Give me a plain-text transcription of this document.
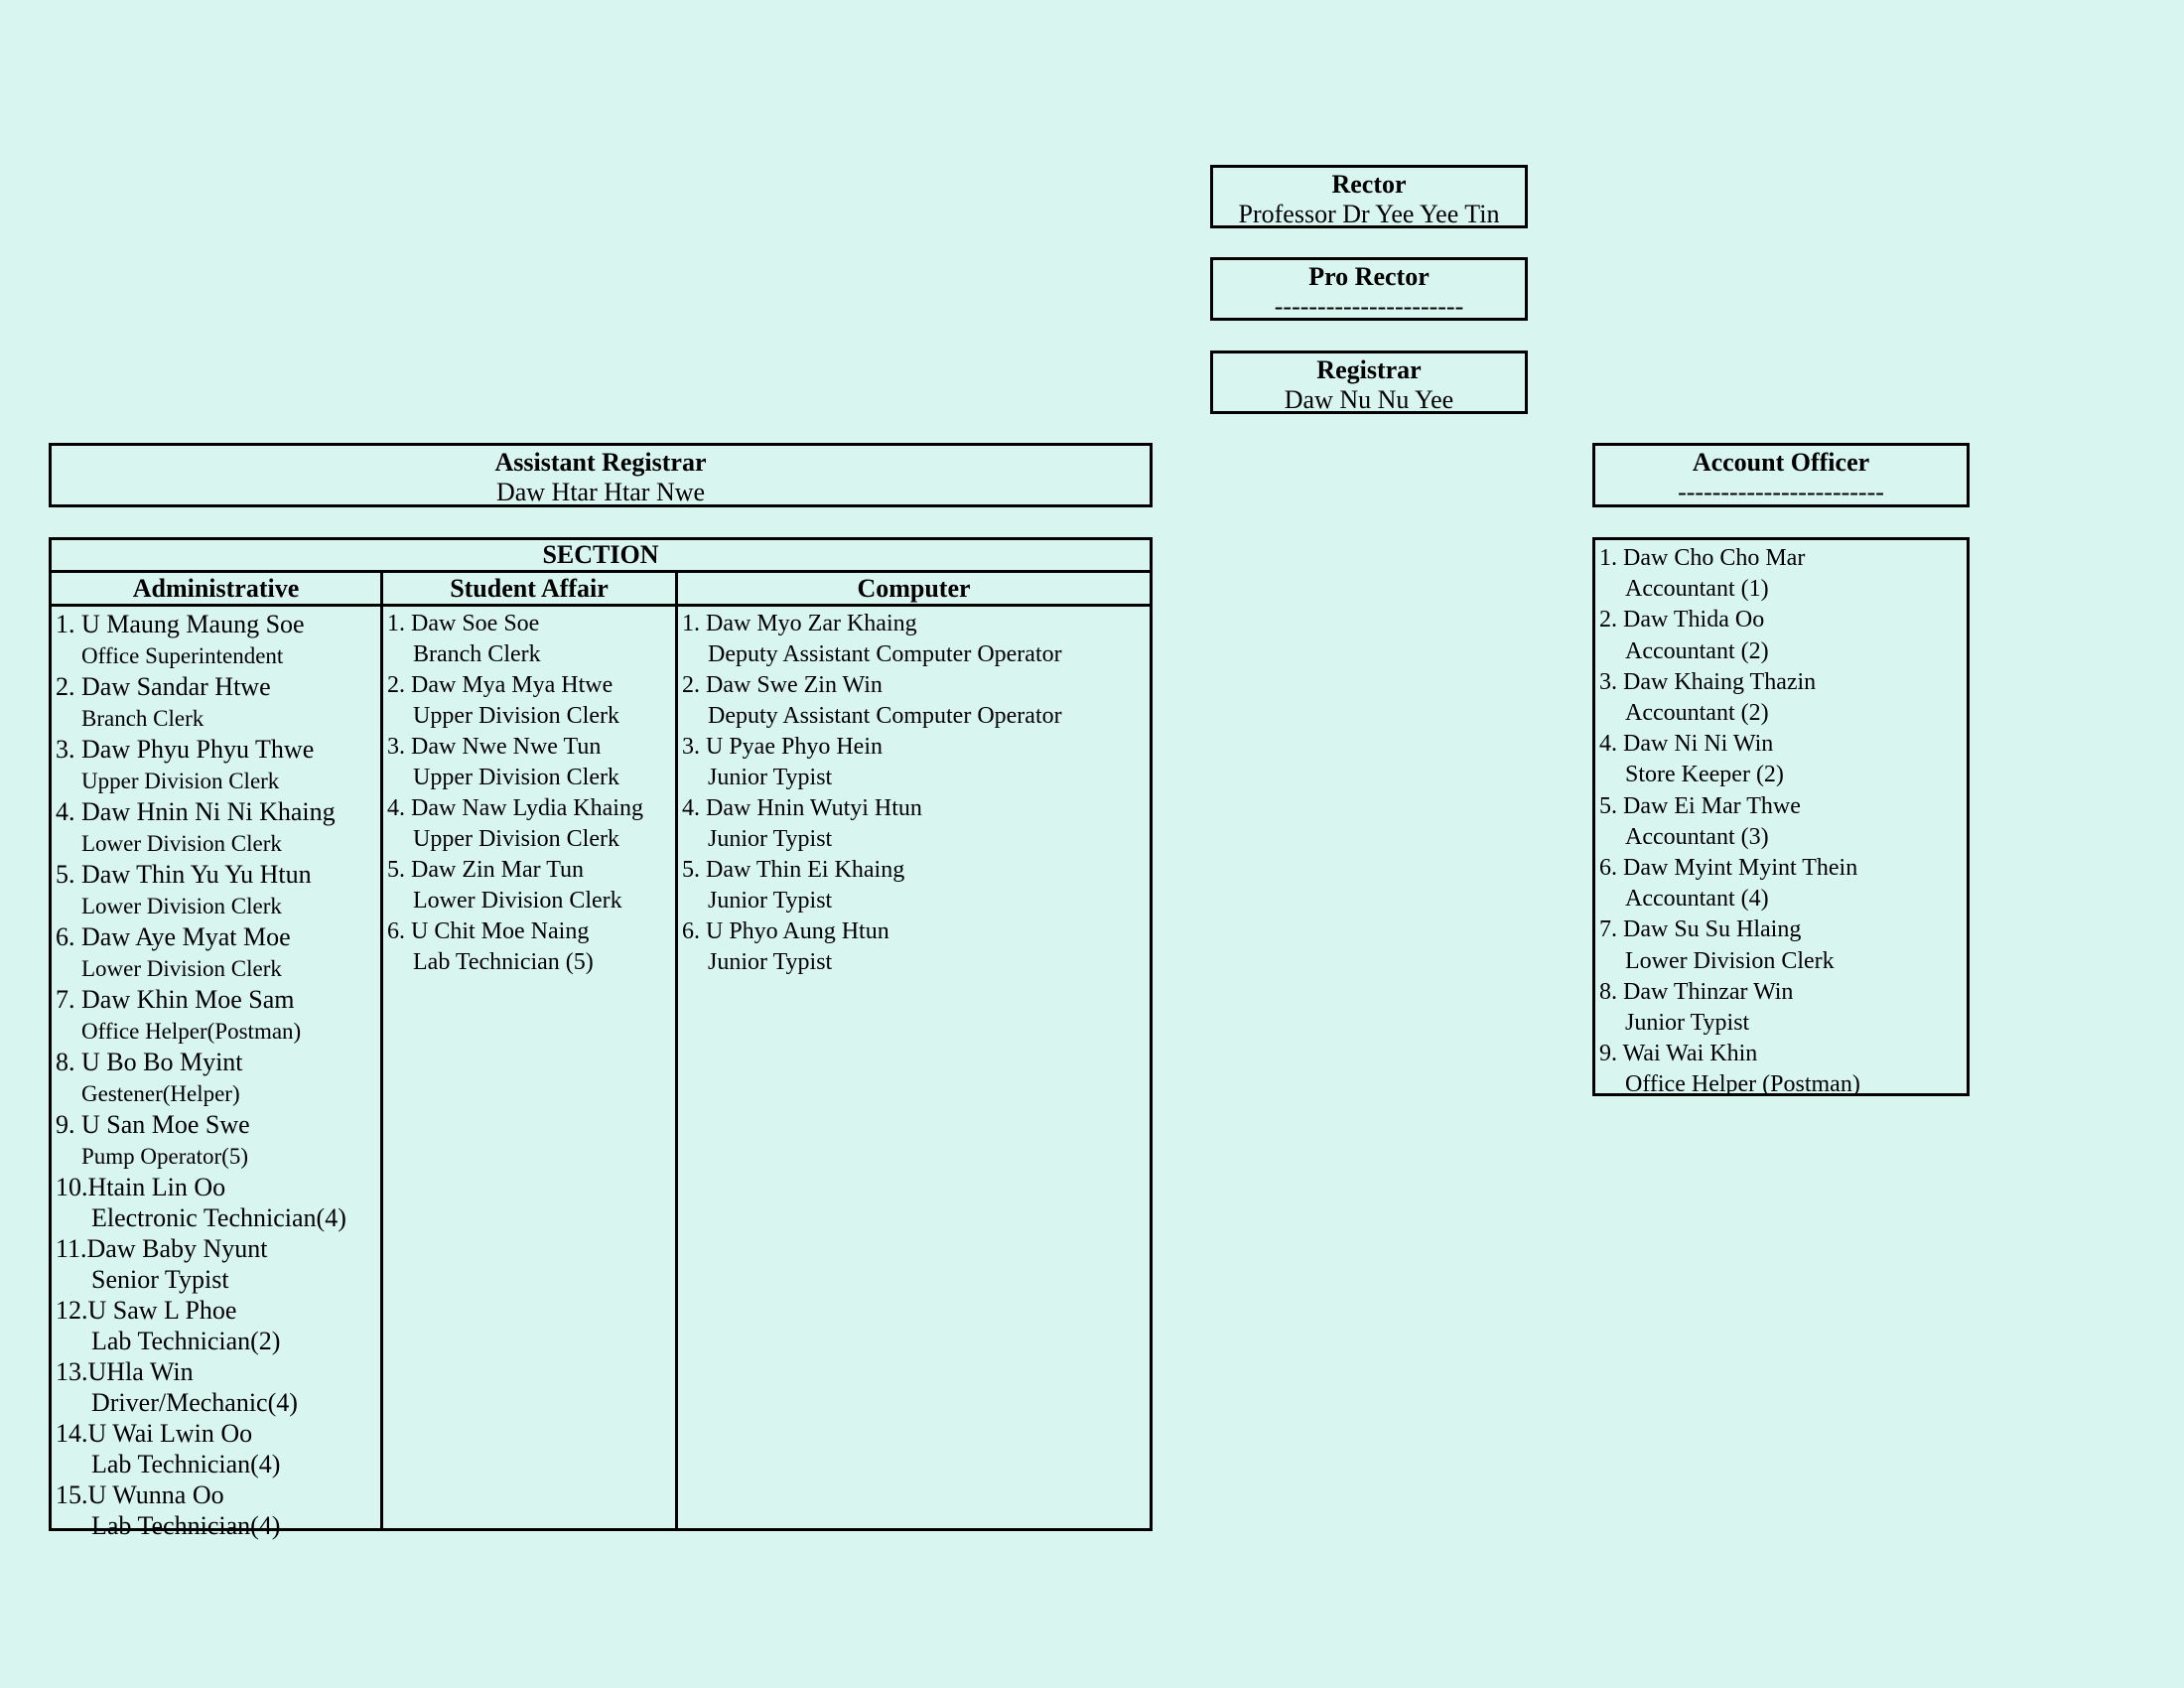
Rector
Professor Dr Yee Yee Tin
Pro Rector
----------------------
Registrar
Daw Nu Nu Yee
Assistant Registrar
Daw Htar Htar Nwe
Account Officer
------------------------
SECTION
Administrative	Student Affair	Computer
1. U Maung Maung Soe
Office Superintendent
2. Daw Sandar Htwe
Branch Clerk
3. Daw Phyu Phyu Thwe
Upper Division Clerk
4. Daw Hnin Ni Ni Khaing
Lower Division Clerk
5. Daw Thin Yu Yu Htun
Lower Division Clerk
6. Daw Aye Myat Moe
Lower Division Clerk
7. Daw Khin Moe Sam
Office Helper(Postman)
8. U Bo Bo Myint
Gestener(Helper)
9. U San Moe Swe
Pump Operator(5)
10.Htain Lin Oo
Electronic Technician(4)
11.Daw Baby Nyunt
Senior Typist
12.U Saw L Phoe
Lab Technician(2)
13.UHla Win
Driver/Mechanic(4)
14.U Wai Lwin Oo
Lab Technician(4)
15.U Wunna Oo
Lab Technician(4)
1. Daw Soe Soe
Branch Clerk
2. Daw Mya Mya Htwe
Upper Division Clerk
3. Daw Nwe Nwe Tun
Upper Division Clerk
4. Daw Naw Lydia Khaing
Upper Division Clerk
5. Daw Zin Mar Tun
Lower Division Clerk
6. U Chit Moe Naing
Lab Technician (5)
1. Daw Myo Zar Khaing
Deputy Assistant Computer Operator
2. Daw Swe Zin Win
Deputy Assistant Computer Operator
3. U Pyae Phyo Hein
Junior Typist
4. Daw Hnin Wutyi Htun
Junior Typist
5. Daw Thin Ei Khaing
Junior Typist
6. U Phyo Aung Htun
Junior Typist
1. Daw Cho Cho Mar
Accountant (1)
2. Daw Thida Oo
Accountant (2)
3. Daw Khaing Thazin
Accountant (2)
4. Daw Ni Ni Win
Store Keeper (2)
5. Daw Ei Mar Thwe
Accountant (3)
6. Daw Myint Myint Thein
Accountant (4)
7. Daw Su Su Hlaing
Lower Division Clerk
8. Daw Thinzar Win
Junior Typist
9. Wai Wai Khin
Office Helper (Postman)
